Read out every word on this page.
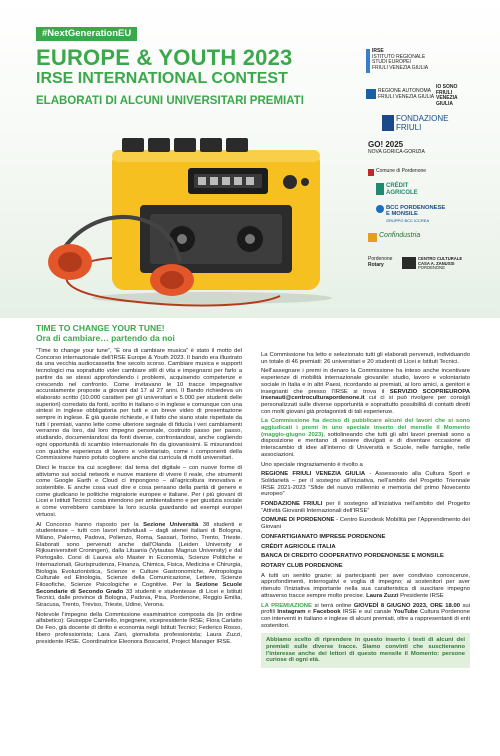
#NextGenerationEU
EUROPE & YOUTH 2023
IRSE INTERNATIONAL CONTEST
ELABORATI DI ALCUNI UNIVERSITARI PREMIATI
IRSE
ISTITUTO REGIONALE
STUDI EUROPEI
FRIULI VENEZIA GIULIA
REGIONE AUTONOMA
FRIULI VENEZIA GIULIA
IO SONO
FRIULI
VENEZIA
GIULIA
FONDAZIONE
FRIULI
GO! 2025
NOVA GORICA-GORIZIA
Comune di Pordenone
CRÉDIT
AGRICOLE
BCC PORDENONESE
E MONSILE
GRUPPO BCC ICCREA
Confindustria
Pordenone
Rotary
CENTRO CULTURALE
CASA A. ZANUSSI
PORDENONE
TIME TO CHANGE YOUR TUNE!
Ora di cambiare… partendo da noi

“Time to change your tune”, “È ora di cambiare musica” è stato il motto del Concorso internazionale dell’IRSE Europe & Youth 2023. Il bando era illustrato da una vecchia audiocassetta fine secolo scorso. Cambiare musica e supporti tecnologici ma soprattutto voler cambiare stili di vita e impegnarsi per farlo a partire da se stessi approfondendo i problemi, acquisendo competenze e crescendo nel confronto. Come invitavano le 10 tracce impegnative accuratamente proposte a giovani dal 17 al 27 anni. Il Bando richiedeva un elaborato scritto (10.000 caratteri per gli universitari e 5.000 per studenti delle superiori) corredato da fonti, scritto in italiano o in inglese e comunque con una sintesi in inglese obbligatoria per tutti e un breve video di presentazione sempre in inglese. È già queste richieste, e il fatto che siano state rispettate da tutti i premiati, vanno lette come ulteriore segnale di fiducia i veri cambiamenti verranno da loro, dal loro impegno personale, costruito passo per passo, studiando, documentandosi da fonti diverse, confrontandosi, anche cogliendo ogni opportunità di scambio internazionale fin da giovanissimi. E misurandosi con qualche esperienza di lavoro e volontariato, come i componenti della Commissione hanno potuto cogliere anche dai curricula di molti universitari.

Dieci le tracce tra cui scegliere: dal tema del digitale – con nuove forme di attivismo sui social network e nuove maniere di vivere il reale, che strumenti come Google Earth e Cloud ci impongono – all’agricoltura innovativa e sostenibile. E anche cosa vuol dire e cosa pensano della parità di genere e come giudicano le politiche migratorie europee e italiane. Per i più giovani di Licei e Istituti Tecnici: cosa intendono per ambientalismo e per giustizia sociale e come vorrebbero cambiare la loro scuola guardando ad esempi europei virtuosi.

Al Concorso hanno risposto per la Sezione Università 38 studenti e studentesse – tutti con lavori individuali – dagli atenei italiani di Bologna, Milano, Palermo, Padova, Polienzo, Roma, Sassari, Torino, Trento, Trieste. Elaborati sono pervenuti anche dall’Olanda (Leiden University e Rijksuniversiteit Croningen), dalla Lituania (Vytautas Magnus University) e dal Portogallo. Corsi di Laurea e/o Master in Economia, Scienze Politiche e Internazionali, Giurisprudenza, Finanza, Chimica, Fisica, Medicina e Chirurgia, Biologia Evoluzionistica, Scienze e Culture Gastronomiche, Antropologia Culturale ed Etnologia, Scienze della Comunicazione, Lettere, Scienze Filosofiche, Scienze Psicologiche e Cognitive. Per la Sezione Scuole Secondarie di Secondo Grado 33 studenti e studentesse di Licei e Istituti Tecnici, dalle province di Bologna, Padova, Pisa, Pordenone, Reggio Emilia, Siracusa, Trento, Treviso, Trieste, Udine, Verona.

Notevole l’impegno della Commissione esaminatrice composta da (in ordine alfabetico): Giuseppe Carniello, ingegnere, vicepresidente IRSE; Flora Carlatto De Feo, già docente di diritto e economia negli Istituti Tecnici; Federico Rosso, libero professionista; Lara Zani, giornalista professionista; Laura Zuzzi, presidente IRSE. Coordinatrice Eleonora Boscariol, Project Manager IRSE.

La Commissione ha letto e selezionato tutti gli elaborati pervenuti, individuando un totale di 46 premiati: 26 universitari e 20 studenti di Licei e Istituti Tecnici.

Nell’assegnare i premi in denaro la Commissione ha inteso anche incentivare esperienze di mobilità internazionale giovanile: studio, lavoro e volontariato sociale in Italia e in altri Paesi, ricordando ai premiati, ai loro amici, a genitori e insegnanti che presso l’IRSE si trova il SERVIZIO SCOPRIEUROPA irsenauti@centroculturapordenone.it cui ci si può rivolgere per consigli personalizzati sulle diverse opportunità e soprattutto possibilità di contatti diretti con molti giovani già protagonisti di tali esperienze.

La Commissione ha deciso di pubblicare alcuni dei lavori che si sono aggiudicati i premi in uno speciale inserto del mensile il Momento (maggio-giugno 2023), sottolineando che tutti gli altri lavori premiati sono a disposizione e meritano di essere divulgati e di diventare occasione di interscambio di idee all’interno di Università e Scuole, nelle famiglie, nelle associazioni.

Uno speciale ringraziamento è rivolto a

REGIONE FRIULI VENEZIA GIULIA - Assessorato alla Cultura Sport e Solidarietà – per il sostegno all’iniziativa, nell’ambito del Progetto Triennale IRSE 2021-2023 “Sfide del nuovo millennio e memoria del primo Novecento europeo”

FONDAZIONE FRIULI per il sostegno all’iniziativa nell’ambito del Progetto “Attività Giovanili Internazionali dell’IRSE”

COMUNE DI PORDENONE - Centro Eurodesk Mobilità per l’Apprendimento dei Giovani

CONFARTIGIANATO IMPRESE PORDENONE
CRÉDIT AGRICOLE ITALIA
BANCA DI CREDITO COOPERATIVO PORDENONESE E MONSILE
ROTARY CLUB PORDENONE

A tutti un sentito grazie: ai partecipanti per aver condiviso conoscenze, approfondimenti, interrogativi e voglia di impegno; ai sostenitori per aver ritenuto l’iniziativa importante nella sua caratteristica di suscitare impegno attraverso tracce sempre molto precise. Laura Zuzzi Presidente IRSE

LA PREMIAZIONE si terrà online GIOVEDÌ 8 GIUGNO 2023, ORE 18.00 sui profili Instagram e Facebook IRSE e sul canale YouTube Cultura Pordenone con interventi in italiano e inglese di alcuni premiati, oltre a rappresentanti di enti sostenitori.

Abbiamo scelto di riprendere in questo inserto i testi di alcuni dei premiati sulle diverse tracce. Siamo convinti che susciteranno l’interesse anche dei lettori di questo mensile il Momento: persone curiose di ogni età.
